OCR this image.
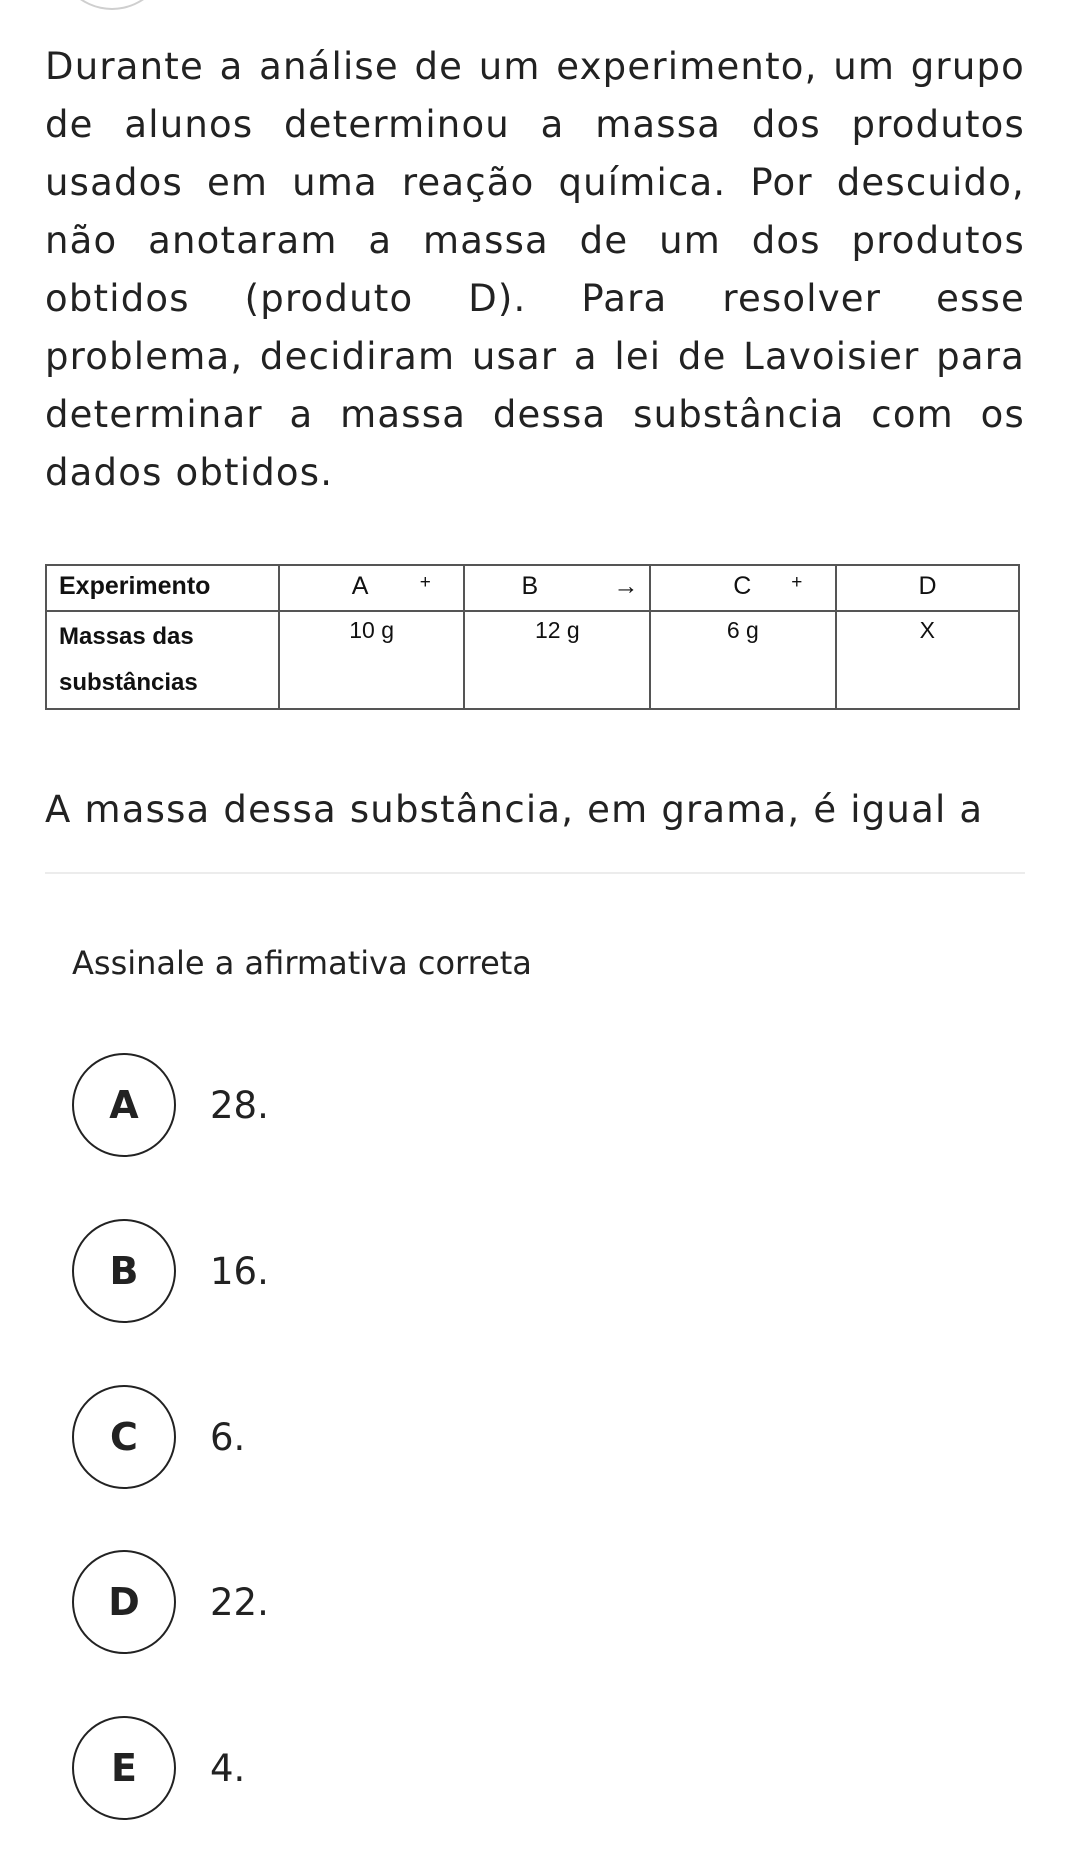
Durante a análise de um experimento, um grupo de alunos determinou a massa dos produtos usados em uma reação química. Por descuido, não anotaram a massa de um dos produtos obtidos (produto D). Para resolver esse problema, decidiram usar a lei de Lavoisier para determinar a massa dessa substância com os dados obtidos.

Experimento	A +	B →	C +	D

Massas das substâncias	10 g	12 g	6 g	X

A massa dessa substância, em grama, é igual a

Assinale a afirmativa correta

A	28.
B	16.
C	6.
D	22.
E	4.
